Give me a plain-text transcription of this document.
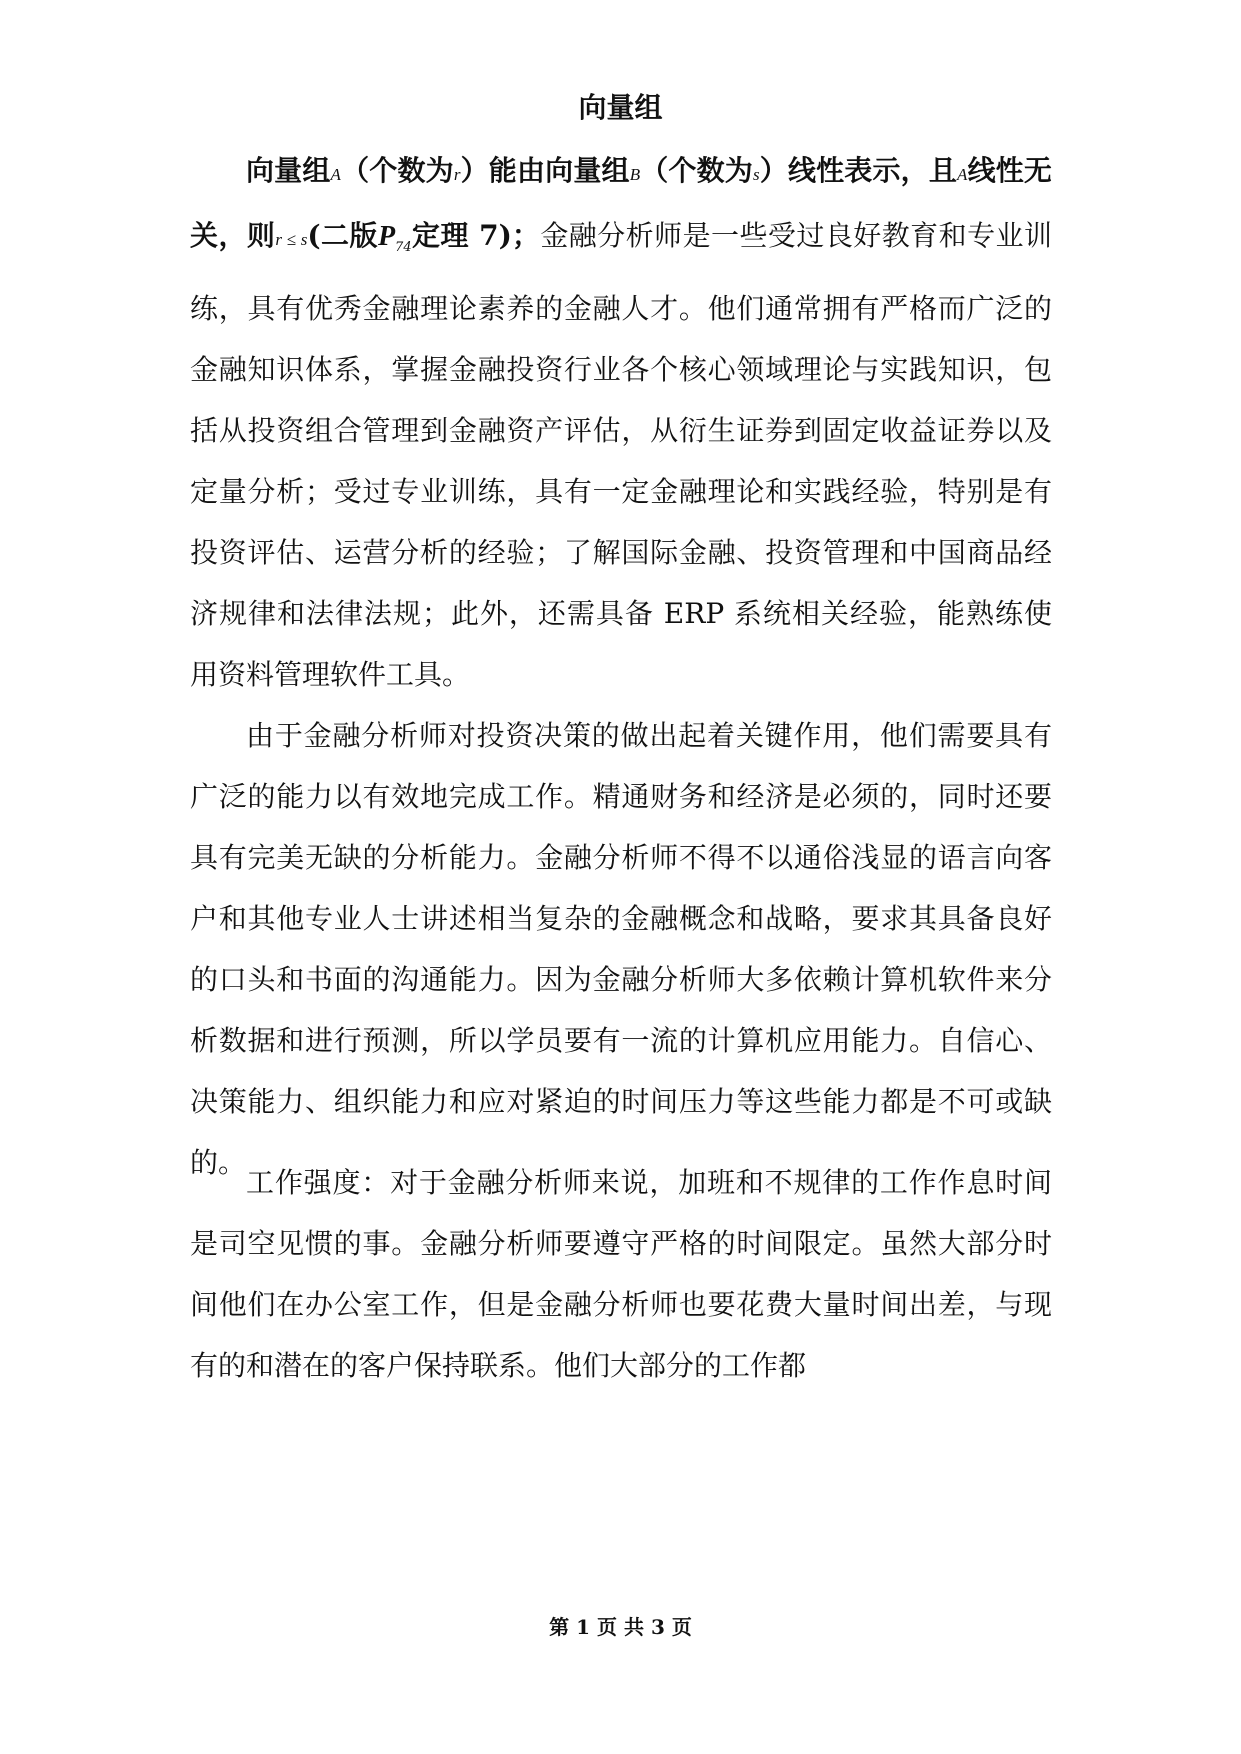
向量组

向量组A（个数为r）能由向量组B（个数为s）线性表示，且A线性无关，则r ≤ s(二版$P_{74}$定理 7)；金融分析师是一些受过良好教育和专业训练，具有优秀金融理论素养的金融人才。他们通常拥有严格而广泛的金融知识体系，掌握金融投资行业各个核心领域理论与实践知识，包括从投资组合管理到金融资产评估，从衍生证券到固定收益证券以及定量分析；受过专业训练，具有一定金融理论和实践经验，特别是有投资评估、运营分析的经验；了解国际金融、投资管理和中国商品经济规律和法律法规；此外，还需具备 ERP 系统相关经验，能熟练使用资料管理软件工具。

由于金融分析师对投资决策的做出起着关键作用，他们需要具有广泛的能力以有效地完成工作。精通财务和经济是必须的，同时还要具有完美无缺的分析能力。金融分析师不得不以通俗浅显的语言向客户和其他专业人士讲述相当复杂的金融概念和战略，要求其具备良好的口头和书面的沟通能力。因为金融分析师大多依赖计算机软件来分析数据和进行预测，所以学员要有一流的计算机应用能力。自信心、决策能力、组织能力和应对紧迫的时间压力等这些能力都是不可或缺的。

工作强度：对于金融分析师来说，加班和不规律的工作作息时间是司空见惯的事。金融分析师要遵守严格的时间限定。虽然大部分时间他们在办公室工作，但是金融分析师也要花费大量时间出差，与现有的和潜在的客户保持联系。他们大部分的工作都

第 1 页 共 3 页
